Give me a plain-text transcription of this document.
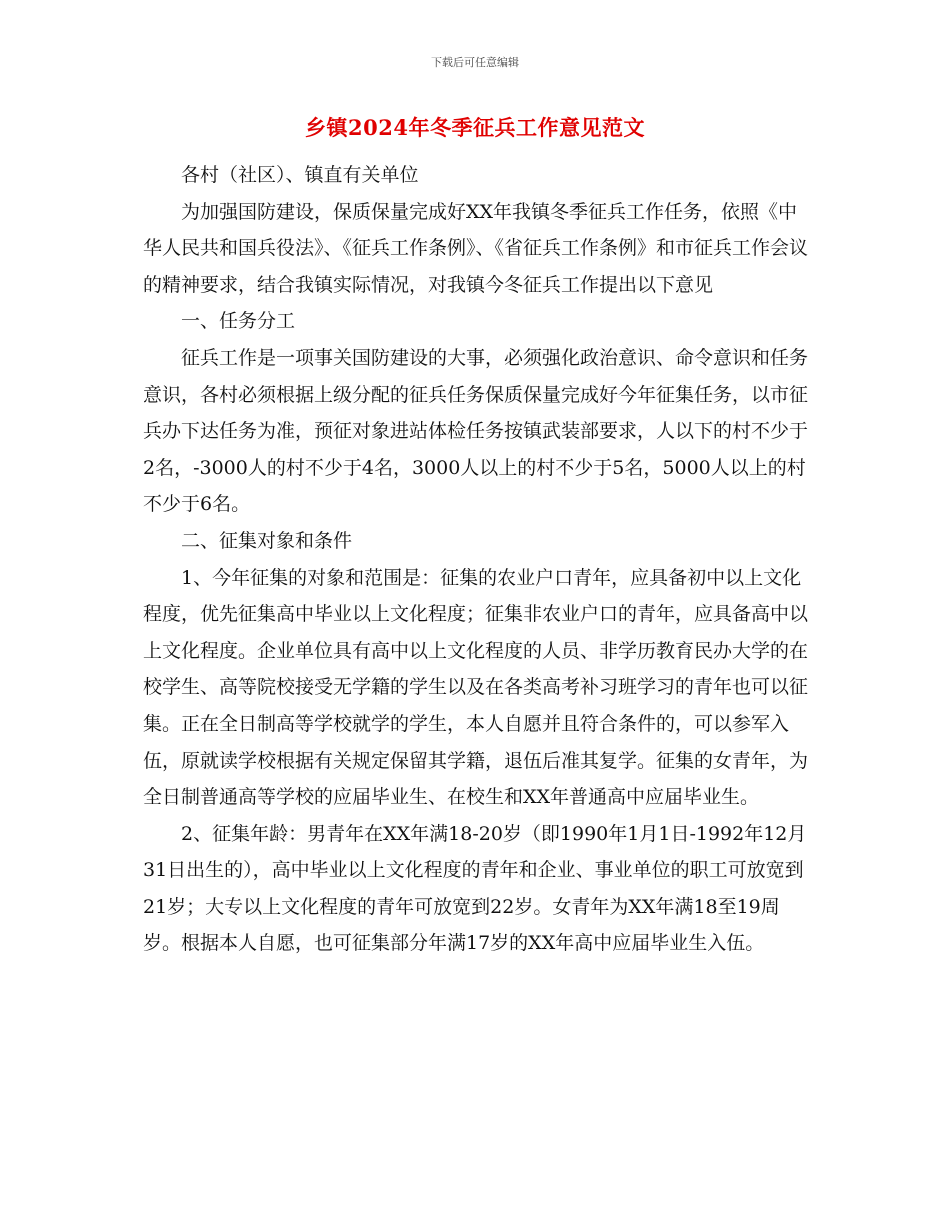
下载后可任意编辑
乡镇2024年冬季征兵工作意见范文

各村（社区）、镇直有关单位

为加强国防建设，保质保量完成好XX年我镇冬季征兵工作任务，依照《中华人民共和国兵役法》、《征兵工作条例》、《省征兵工作条例》和市征兵工作会议的精神要求，结合我镇实际情况，对我镇今冬征兵工作提出以下意见

一、任务分工

征兵工作是一项事关国防建设的大事，必须强化政治意识、命令意识和任务意识，各村必须根据上级分配的征兵任务保质保量完成好今年征集任务，以市征兵办下达任务为准，预征对象进站体检任务按镇武装部要求，人以下的村不少于2名，-3000人的村不少于4名，3000人以上的村不少于5名，5000人以上的村不少于6名。

二、征集对象和条件

1、今年征集的对象和范围是：征集的农业户口青年，应具备初中以上文化程度，优先征集高中毕业以上文化程度；征集非农业户口的青年，应具备高中以上文化程度。企业单位具有高中以上文化程度的人员、非学历教育民办大学的在校学生、高等院校接受无学籍的学生以及在各类高考补习班学习的青年也可以征集。正在全日制高等学校就学的学生，本人自愿并且符合条件的，可以参军入伍，原就读学校根据有关规定保留其学籍，退伍后准其复学。征集的女青年，为全日制普通高等学校的应届毕业生、在校生和XX年普通高中应届毕业生。

2、征集年龄：男青年在XX年满18-20岁（即1990年1月1日-1992年12月31日出生的），高中毕业以上文化程度的青年和企业、事业单位的职工可放宽到21岁；大专以上文化程度的青年可放宽到22岁。女青年为XX年满18至19周岁。根据本人自愿，也可征集部分年满17岁的XX年高中应届毕业生入伍。
